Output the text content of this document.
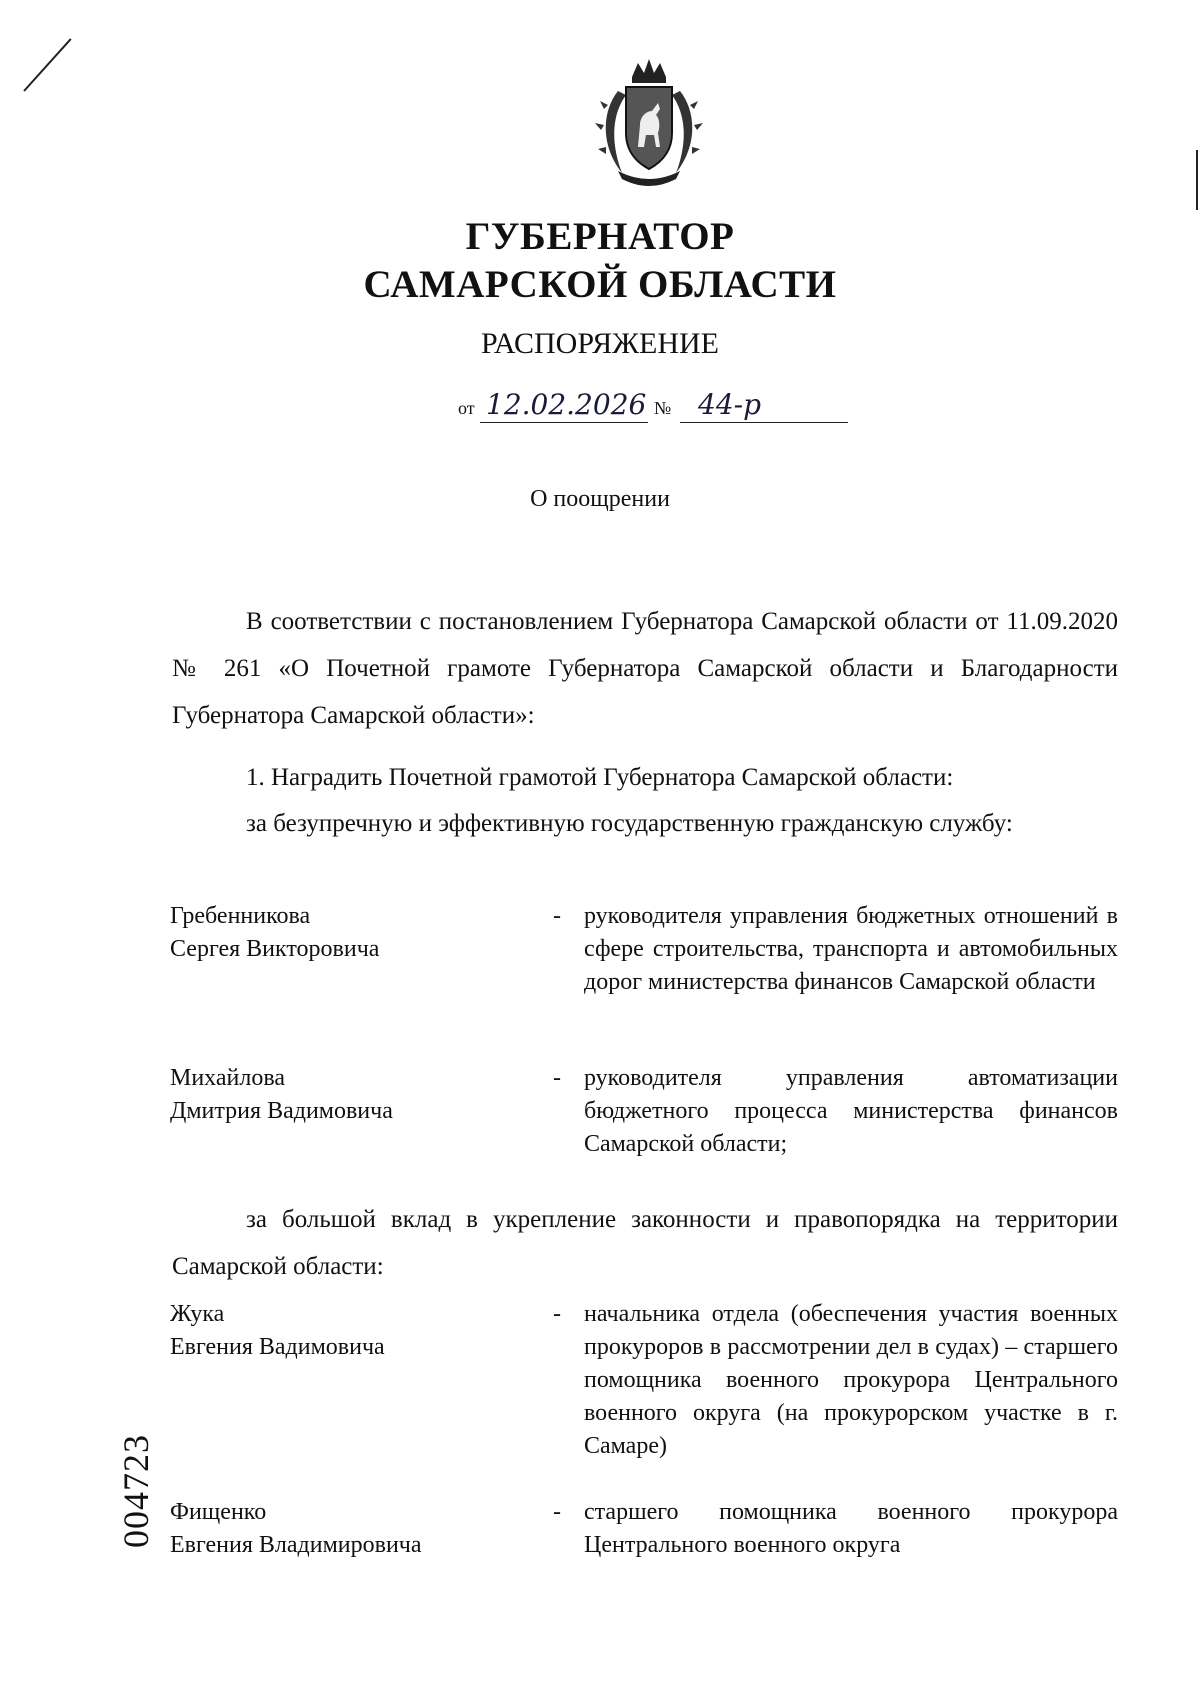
ГУБЕРНАТОР
САМАРСКОЙ ОБЛАСТИ
РАСПОРЯЖЕНИЕ
от 12.02.2026 № 44-р
О поощрении
В соответствии с постановлением Губернатора Самарской области от 11.09.2020 № 261 «О Почетной грамоте Губернатора Самарской области и Благодарности Губернатора Самарской области»:
1. Наградить Почетной грамотой Губернатора Самарской области:
за безупречную и эффективную государственную гражданскую службу:
Гребенникова
Сергея Викторовича
- руководителя управления бюджетных отношений в сфере строительства, транспорта и автомобильных дорог министерства финансов Самарской области
Михайлова
Дмитрия Вадимовича
- руководителя управления автоматизации бюджетного процесса министерства финансов Самарской области;
за большой вклад в укрепление законности и правопорядка на территории Самарской области:
Жука
Евгения Вадимовича
- начальника отдела (обеспечения участия военных прокуроров в рассмотрении дел в судах) – старшего помощника военного прокурора Центрального военного округа (на прокурорском участке в г. Самаре)
Фищенко
Евгения Владимировича
- старшего помощника военного прокурора Центрального военного округа
004723
